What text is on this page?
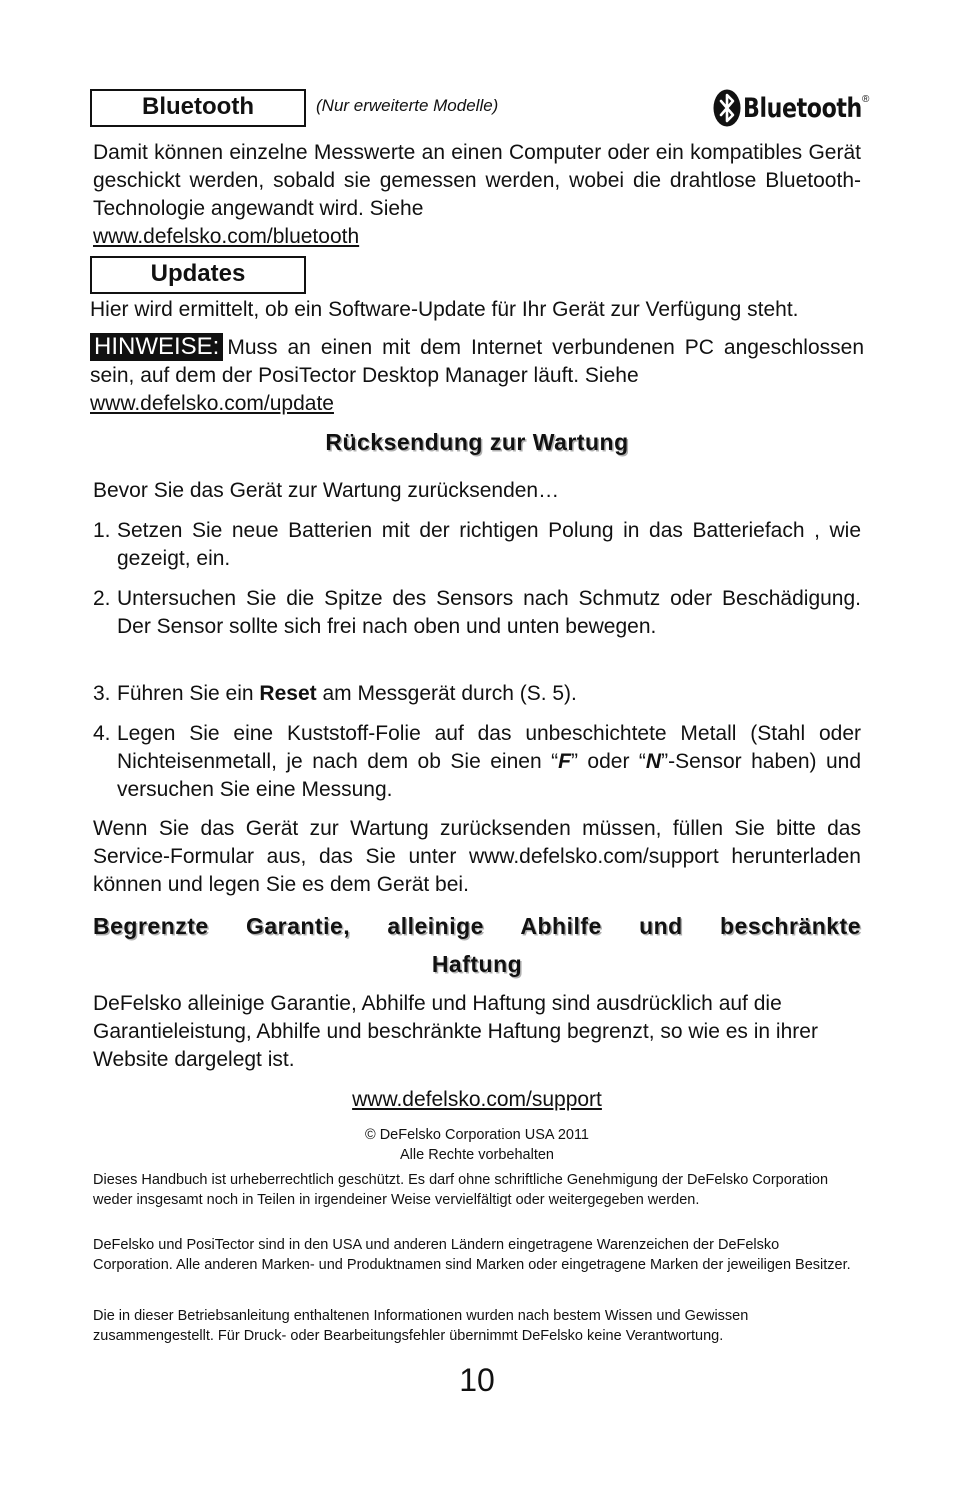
Bluetooth	(Nur erweiterte Modelle)	Bluetooth ®
Damit können einzelne Messwerte an einen Computer oder ein kompatibles Gerät geschickt werden, sobald sie gemessen werden, wobei die drahtlose Bluetooth-Technologie angewandt wird. Siehe
www.defelsko.com/bluetooth
Updates
Hier wird ermittelt, ob ein Software-Update für Ihr Gerät zur Verfügung steht.
HINWEISE: Muss an einen mit dem Internet verbundenen PC angeschlossen sein, auf dem der PosiTector Desktop Manager läuft. Siehe
www.defelsko.com/update
Rücksendung zur Wartung
Bevor Sie das Gerät zur Wartung zurücksenden…
1. Setzen Sie neue Batterien mit der richtigen Polung in das Batteriefach , wie gezeigt, ein.
2. Untersuchen Sie die Spitze des Sensors nach Schmutz oder Beschädigung. Der Sensor sollte sich frei nach oben und unten bewegen.
3. Führen Sie ein Reset am Messgerät durch (S. 5).
4. Legen Sie eine Kuststoff-Folie auf das unbeschichtete Metall (Stahl oder Nichteisenmetall, je nach dem ob Sie einen “F” oder “N”-Sensor haben) und versuchen Sie eine Messung.
Wenn Sie das Gerät zur Wartung zurücksenden müssen, füllen Sie bitte das Service-Formular aus, das Sie unter www.defelsko.com/support herunterladen können und legen Sie es dem Gerät bei.
Begrenzte Garantie, alleinige Abhilfe und beschränkte
Haftung
DeFelsko alleinige Garantie, Abhilfe und Haftung sind ausdrücklich auf die Garantieleistung, Abhilfe und beschränkte Haftung begrenzt, so wie es in ihrer Website dargelegt ist.
www.defelsko.com/support
© DeFelsko Corporation USA 2011
Alle Rechte vorbehalten
Dieses Handbuch ist urheberrechtlich geschützt. Es darf ohne schriftliche Genehmigung der DeFelsko Corporation weder insgesamt noch in Teilen in irgendeiner Weise vervielfältigt oder weitergegeben werden.
DeFelsko und PosiTector sind in den USA und anderen Ländern eingetragene Warenzeichen der DeFelsko Corporation. Alle anderen Marken- und Produktnamen sind Marken oder eingetragene Marken der jeweiligen Besitzer.
Die in dieser Betriebsanleitung enthaltenen Informationen wurden nach bestem Wissen und Gewissen zusammengestellt. Für Druck- oder Bearbeitungsfehler übernimmt DeFelsko keine Verantwortung.
10
